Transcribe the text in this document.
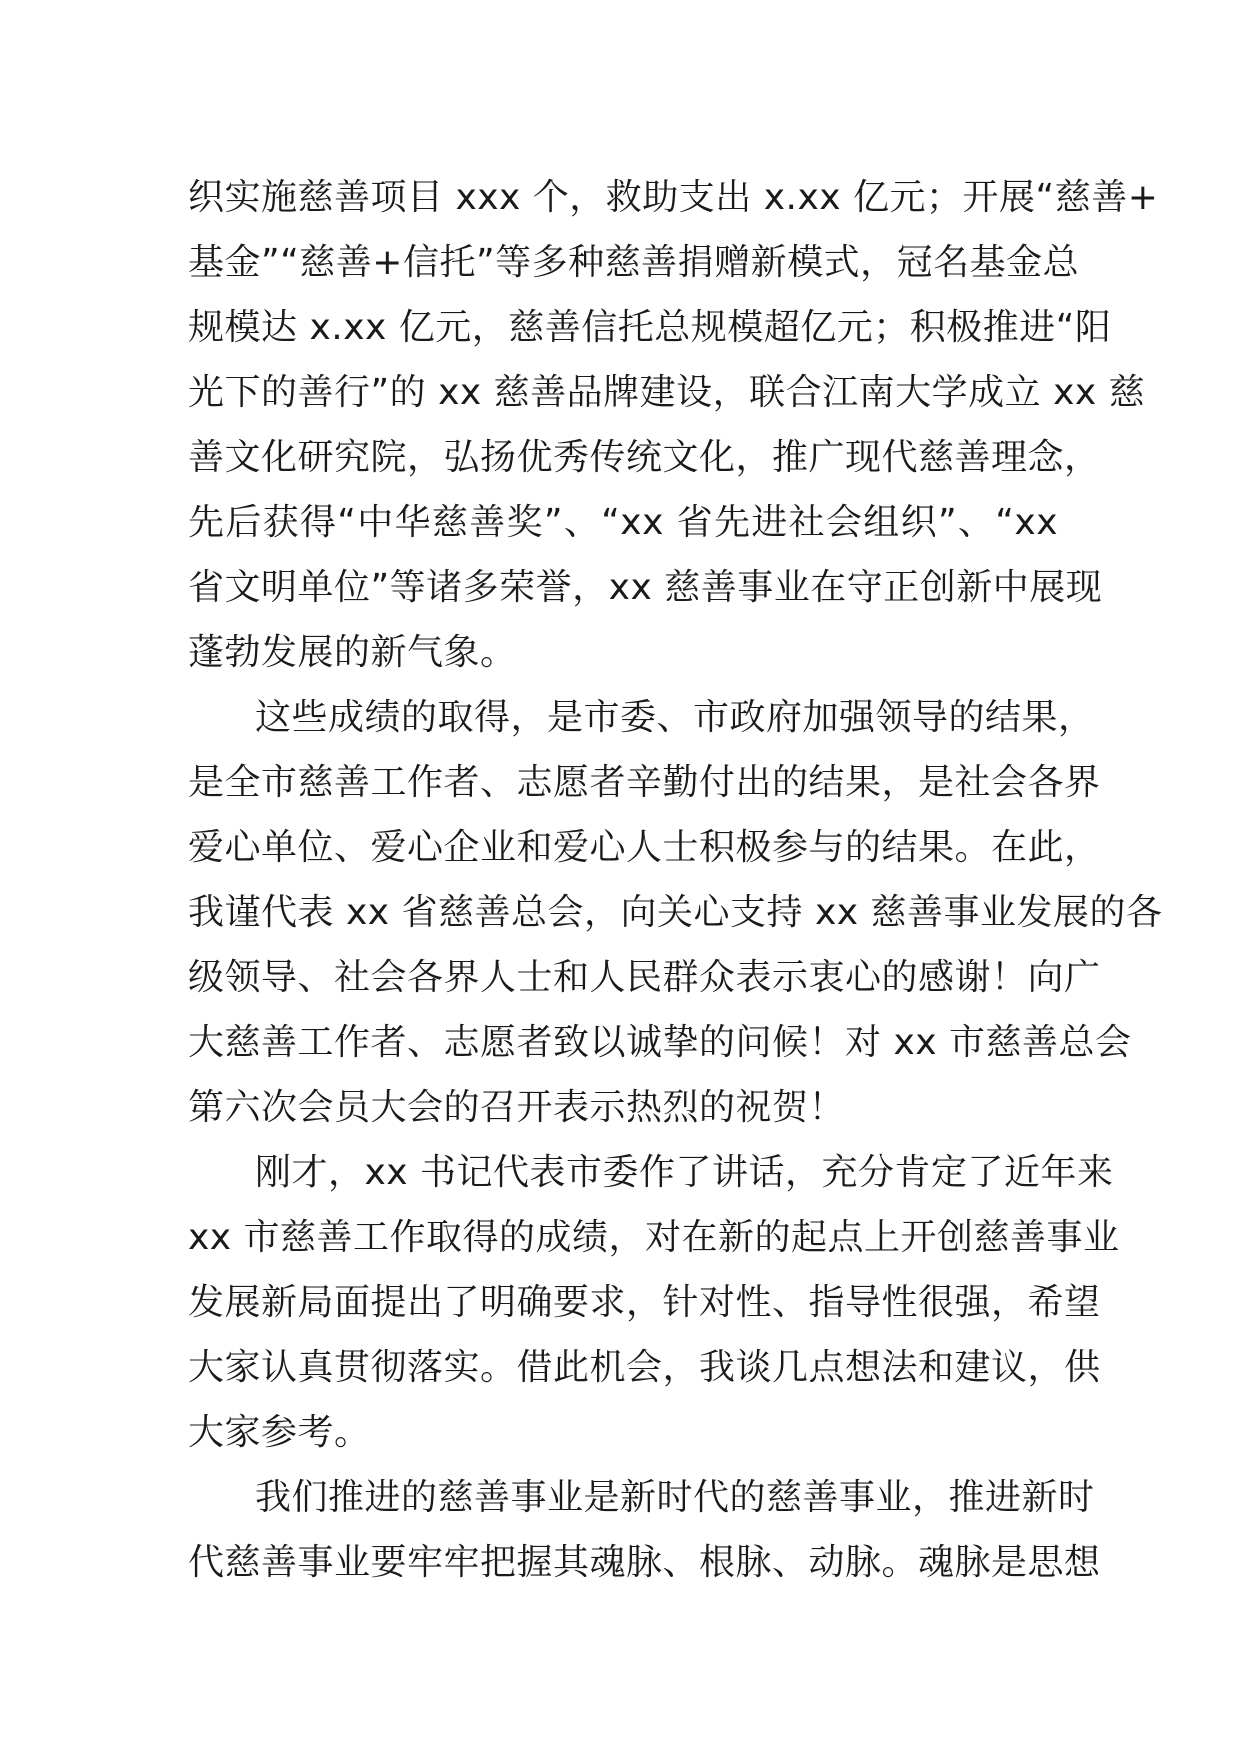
织实施慈善项目 xxx 个，救助支出 x.xx 亿元；开展“慈善+

基金”“慈善+信托”等多种慈善捐赠新模式，冠名基金总

规模达 x.xx 亿元，慈善信托总规模超亿元；积极推进“阳

光下的善行”的 xx 慈善品牌建设，联合江南大学成立 xx 慈

善文化研究院，弘扬优秀传统文化，推广现代慈善理念，

先后获得“中华慈善奖”、“xx 省先进社会组织”、“xx

省文明单位”等诸多荣誉，xx 慈善事业在守正创新中展现

蓬勃发展的新气象。

这些成绩的取得，是市委、市政府加强领导的结果，

是全市慈善工作者、志愿者辛勤付出的结果，是社会各界

爱心单位、爱心企业和爱心人士积极参与的结果。在此，

我谨代表 xx 省慈善总会，向关心支持 xx 慈善事业发展的各

级领导、社会各界人士和人民群众表示衷心的感谢！向广

大慈善工作者、志愿者致以诚挚的问候！对 xx 市慈善总会

第六次会员大会的召开表示热烈的祝贺！

刚才，xx 书记代表市委作了讲话，充分肯定了近年来

xx 市慈善工作取得的成绩，对在新的起点上开创慈善事业

发展新局面提出了明确要求，针对性、指导性很强，希望

大家认真贯彻落实。借此机会，我谈几点想法和建议，供

大家参考。

我们推进的慈善事业是新时代的慈善事业，推进新时

代慈善事业要牢牢把握其魂脉、根脉、动脉。魂脉是思想
